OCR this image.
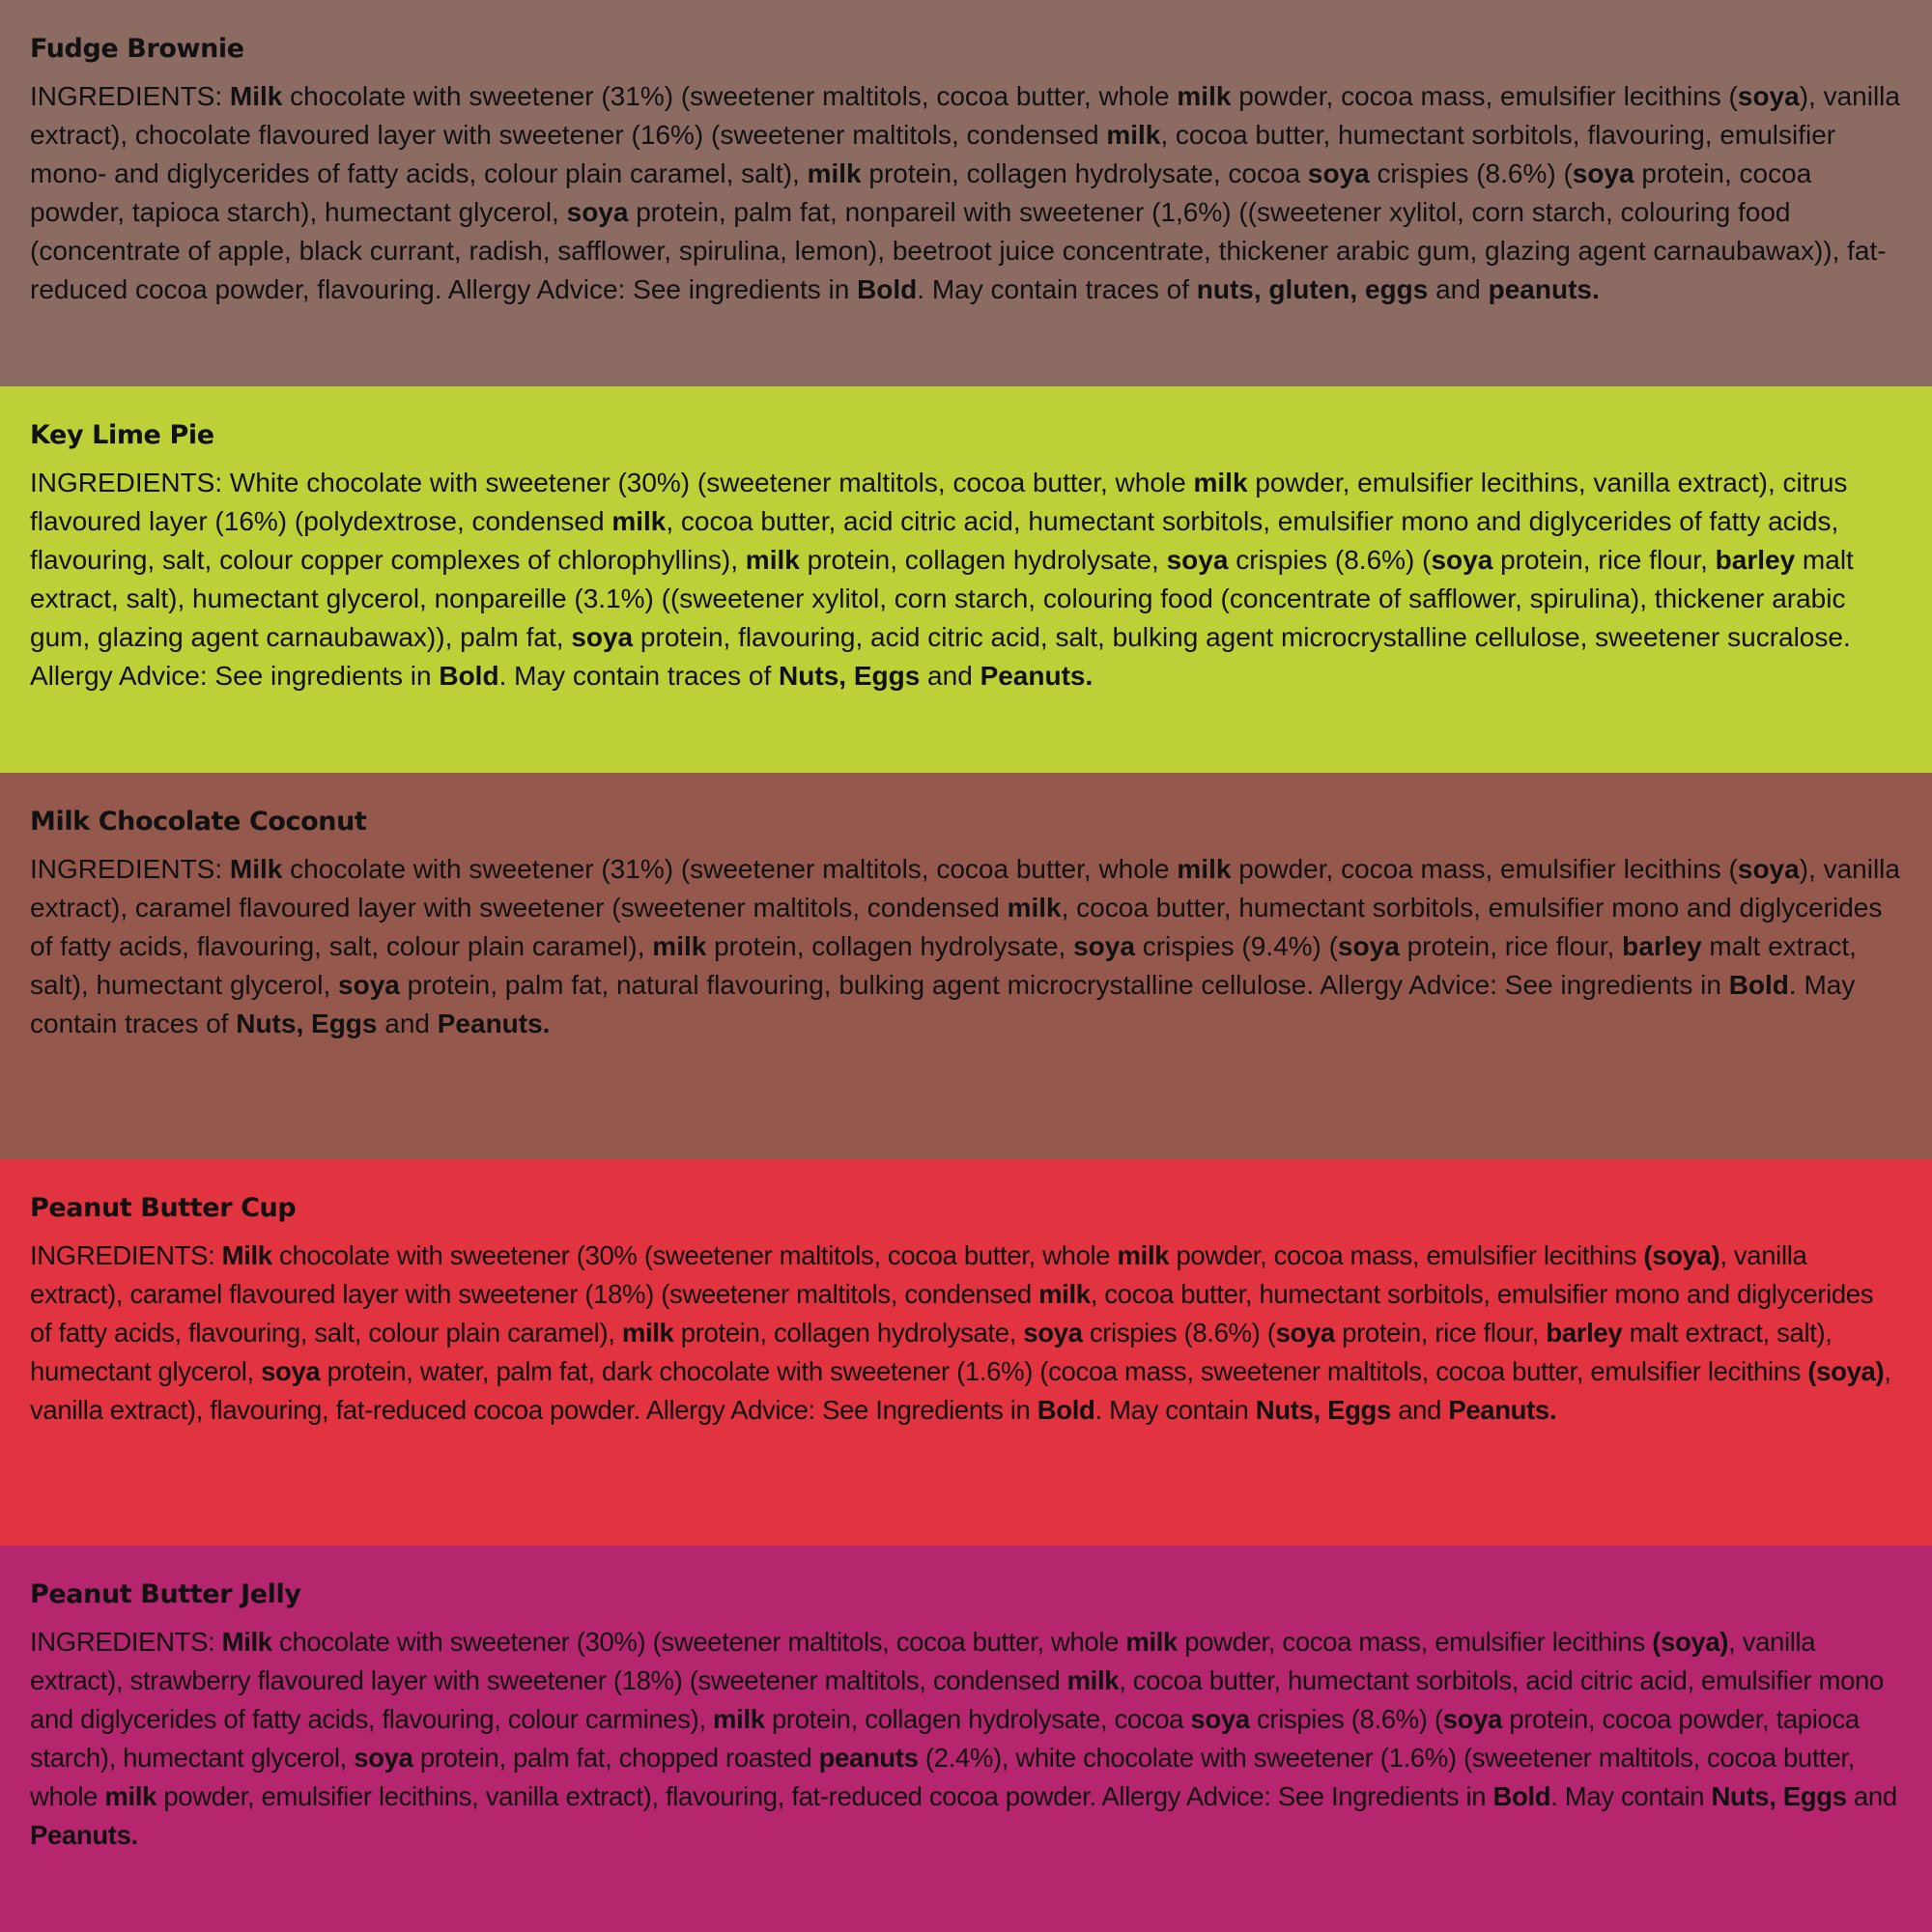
Fudge Brownie

INGREDIENTS: Milk chocolate with sweetener (31%) (sweetener maltitols, cocoa butter, whole milk powder, cocoa mass, emulsifier lecithins (soya), vanilla extract), chocolate flavoured layer with sweetener (16%) (sweetener maltitols, condensed milk, cocoa butter, humectant sorbitols, flavouring, emulsifier mono- and diglycerides of fatty acids, colour plain caramel, salt), milk protein, collagen hydrolysate, cocoa soya crispies (8.6%) (soya protein, cocoa powder, tapioca starch), humectant glycerol, soya protein, palm fat, nonpareil with sweetener (1,6%) ((sweetener xylitol, corn starch, colouring food (concentrate of apple, black currant, radish, safflower, spirulina, lemon), beetroot juice concentrate, thickener arabic gum, glazing agent carnaubawax)), fat-reduced cocoa powder, flavouring. Allergy Advice: See ingredients in Bold. May contain traces of nuts, gluten, eggs and peanuts.

Key Lime Pie

INGREDIENTS: White chocolate with sweetener (30%) (sweetener maltitols, cocoa butter, whole milk powder, emulsifier lecithins, vanilla extract), citrus flavoured layer (16%) (polydextrose, condensed milk, cocoa butter, acid citric acid, humectant sorbitols, emulsifier mono and diglycerides of fatty acids, flavouring, salt, colour copper complexes of chlorophyllins), milk protein, collagen hydrolysate, soya crispies (8.6%) (soya protein, rice flour, barley malt extract, salt), humectant glycerol, nonpareille (3.1%) ((sweetener xylitol, corn starch, colouring food (concentrate of safflower, spirulina), thickener arabic gum, glazing agent carnaubawax)), palm fat, soya protein, flavouring, acid citric acid, salt, bulking agent microcrystalline cellulose, sweetener sucralose. Allergy Advice: See ingredients in Bold. May contain traces of Nuts, Eggs and Peanuts.

Milk Chocolate Coconut

INGREDIENTS: Milk chocolate with sweetener (31%) (sweetener maltitols, cocoa butter, whole milk powder, cocoa mass, emulsifier lecithins (soya), vanilla extract), caramel flavoured layer with sweetener (sweetener maltitols, condensed milk, cocoa butter, humectant sorbitols, emulsifier mono and diglycerides of fatty acids, flavouring, salt, colour plain caramel), milk protein, collagen hydrolysate, soya crispies (9.4%) (soya protein, rice flour, barley malt extract, salt), humectant glycerol, soya protein, palm fat, natural flavouring, bulking agent microcrystalline cellulose. Allergy Advice: See ingredients in Bold. May contain traces of Nuts, Eggs and Peanuts.

Peanut Butter Cup

INGREDIENTS: Milk chocolate with sweetener (30% (sweetener maltitols, cocoa butter, whole milk powder, cocoa mass, emulsifier lecithins (soya), vanilla extract), caramel flavoured layer with sweetener (18%) (sweetener maltitols, condensed milk, cocoa butter, humectant sorbitols, emulsifier mono and diglycerides of fatty acids, flavouring, salt, colour plain caramel), milk protein, collagen hydrolysate, soya crispies (8.6%) (soya protein, rice flour, barley malt extract, salt), humectant glycerol, soya protein, water, palm fat, dark chocolate with sweetener (1.6%) (cocoa mass, sweetener maltitols, cocoa butter, emulsifier lecithins (soya), vanilla extract), flavouring, fat-reduced cocoa powder. Allergy Advice: See Ingredients in Bold. May contain Nuts, Eggs and Peanuts.

Peanut Butter Jelly

INGREDIENTS: Milk chocolate with sweetener (30%) (sweetener maltitols, cocoa butter, whole milk powder, cocoa mass, emulsifier lecithins (soya), vanilla extract), strawberry flavoured layer with sweetener (18%) (sweetener maltitols, condensed milk, cocoa butter, humectant sorbitols, acid citric acid, emulsifier mono and diglycerides of fatty acids, flavouring, colour carmines), milk protein, collagen hydrolysate, cocoa soya crispies (8.6%) (soya protein, cocoa powder, tapioca starch), humectant glycerol, soya protein, palm fat, chopped roasted peanuts (2.4%), white chocolate with sweetener (1.6%) (sweetener maltitols, cocoa butter, whole milk powder, emulsifier lecithins, vanilla extract), flavouring, fat-reduced cocoa powder. Allergy Advice: See Ingredients in Bold. May contain Nuts, Eggs and Peanuts.
